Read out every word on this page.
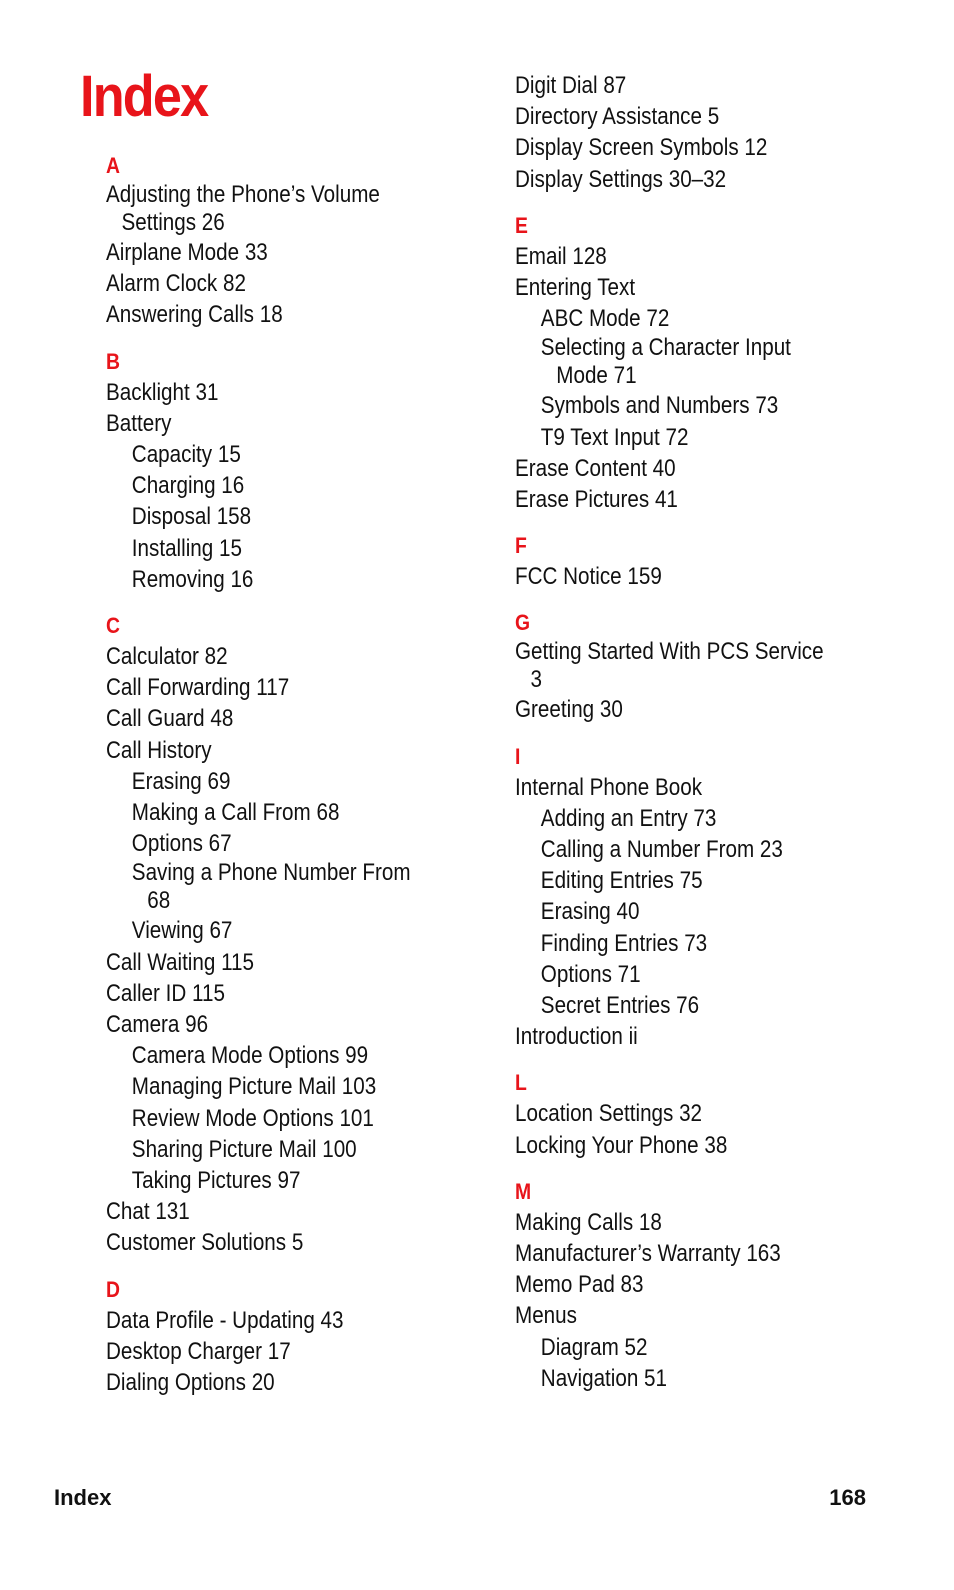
Index
A
Adjusting the Phone’s Volume
Settings 26
Airplane Mode 33
Alarm Clock 82
Answering Calls 18
B
Backlight 31
Battery
Capacity 15
Charging 16
Disposal 158
Installing 15
Removing 16
C
Calculator 82
Call Forwarding 117
Call Guard 48
Call History
Erasing 69
Making a Call From 68
Options 67
Saving a Phone Number From
68
Viewing 67
Call Waiting 115
Caller ID 115
Camera 96
Camera Mode Options 99
Managing Picture Mail 103
Review Mode Options 101
Sharing Picture Mail 100
Taking Pictures 97
Chat 131
Customer Solutions 5
D
Data Profile - Updating 43
Desktop Charger 17
Dialing Options 20
Digit Dial 87
Directory Assistance 5
Display Screen Symbols 12
Display Settings 30–32
E
Email 128
Entering Text
ABC Mode 72
Selecting a Character Input
Mode 71
Symbols and Numbers 73
T9 Text Input 72
Erase Content 40
Erase Pictures 41
F
FCC Notice 159
G
Getting Started With PCS Service
3
Greeting 30
I
Internal Phone Book
Adding an Entry 73
Calling a Number From 23
Editing Entries 75
Erasing 40
Finding Entries 73
Options 71
Secret Entries 76
Introduction ii
L
Location Settings 32
Locking Your Phone 38
M
Making Calls 18
Manufacturer’s Warranty 163
Memo Pad 83
Menus
Diagram 52
Navigation 51
Index	168
